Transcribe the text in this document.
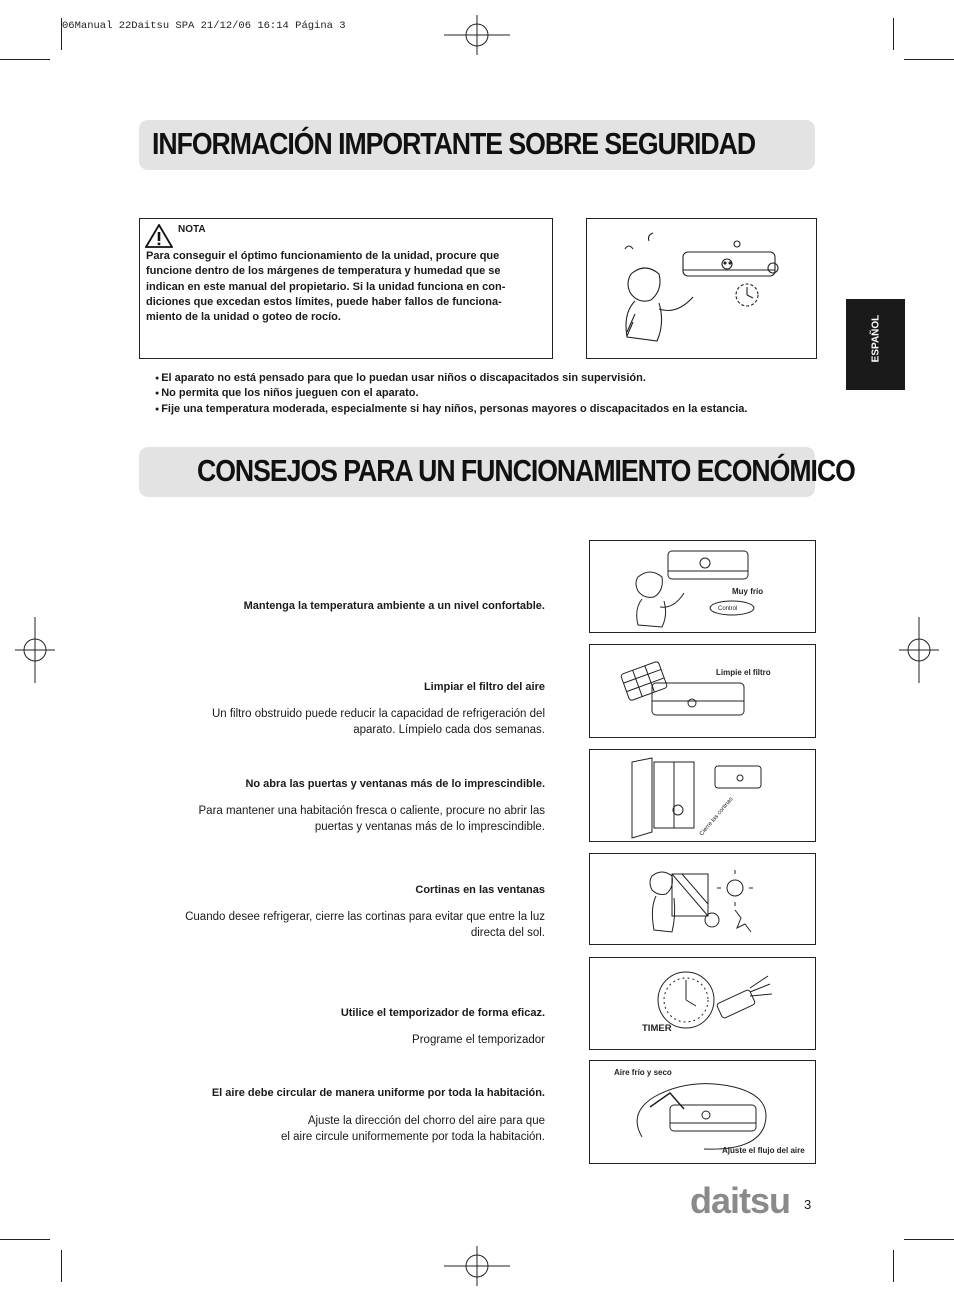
06Manual 22Daitsu SPA 21/12/06 16:14 Página 3
INFORMACIÓN IMPORTANTE SOBRE SEGURIDAD
NOTA
Para conseguir el óptimo funcionamiento de la unidad, procure que
funcione dentro de los márgenes de temperatura y humedad que se
indican en este manual del propietario. Si la unidad funciona en con-
diciones que excedan estos límites, puede haber fallos de funciona-
miento de la unidad o goteo de rocío.
● El aparato no está pensado para que lo puedan usar niños o discapacitados sin supervisión.
● No permita que los niños jueguen con el aparato.
● Fije una temperatura moderada, especialmente si hay niños, personas mayores o discapacitados en la estancia.
ESPAÑOL
CONSEJOS PARA UN FUNCIONAMIENTO ECONÓMICO
Mantenga la temperatura ambiente a un nivel confortable.
Limpiar el filtro del aire
Un filtro obstruido puede reducir la capacidad de refrigeración del
aparato. Límpielo cada dos semanas.
No abra las puertas y ventanas más de lo imprescindible.
Para mantener una habitación fresca o caliente, procure no abrir las
puertas y ventanas más de lo imprescindible.
Cortinas en las ventanas
Cuando desee refrigerar, cierre las cortinas para evitar que entre la luz
directa del sol.
Utilice el temporizador de forma eficaz.
Programe el temporizador
El aire debe circular de manera uniforme por toda la habitación.
Ajuste la dirección del chorro del aire para que
el aire circule uniformemente por toda la habitación.
Muy frío
Control
Limpie el filtro
Cierre las cortinas
TIMER
Aire frío y seco
Ajuste el flujo del aire
daitsu 3
